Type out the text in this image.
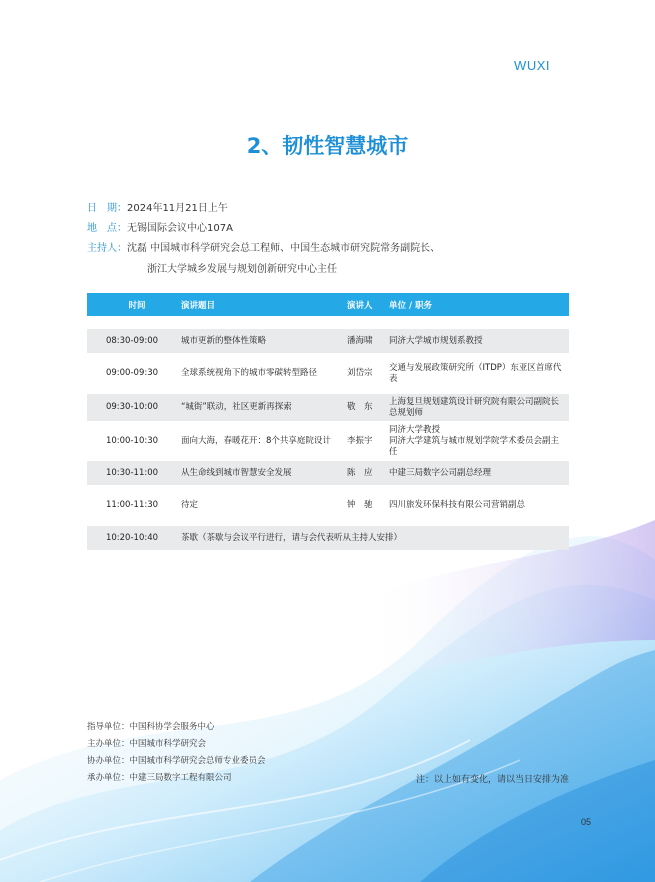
WUXI
2、韧性智慧城市
日　期：2024年11月21日上午
地　点：无锡国际会议中心107A
主持人：沈磊 中国城市科学研究会总工程师、中国生态城市研究院常务副院长、
浙江大学城乡发展与规划创新研究中心主任
时间	演讲题目	演讲人	单位 / 职务

08:30-09:00	城市更新的整体性策略	潘海啸	同济大学城市规划系教授

09:00-09:30	全球系统视角下的城市零碳转型路径	刘岱宗	交通与发展政策研究所（ITDP）东亚区首席代表

09:30-10:00	“城街”联动，社区更新再探索	敬　东	上海复旦规划建筑设计研究院有限公司副院长
总规划师

10:00-10:30	面向大海，春暖花开：8个共享庭院设计	李振宇	同济大学教授
同济大学建筑与城市规划学院学术委员会副主任

10:30-11:00	从生命线到城市智慧安全发展	陈　应	中建三局数字公司副总经理

11:00-11:30	待定	钟　驰	四川旅发环保科技有限公司营销副总

10:20-10:40	茶歇（茶歇与会议平行进行，请与会代表听从主持人安排）		
指导单位：中国科协学会服务中心
主办单位：中国城市科学研究会
协办单位：中国城市科学研究会总师专业委员会
承办单位：中建三局数字工程有限公司	注：以上如有变化，请以当日安排为准
05
